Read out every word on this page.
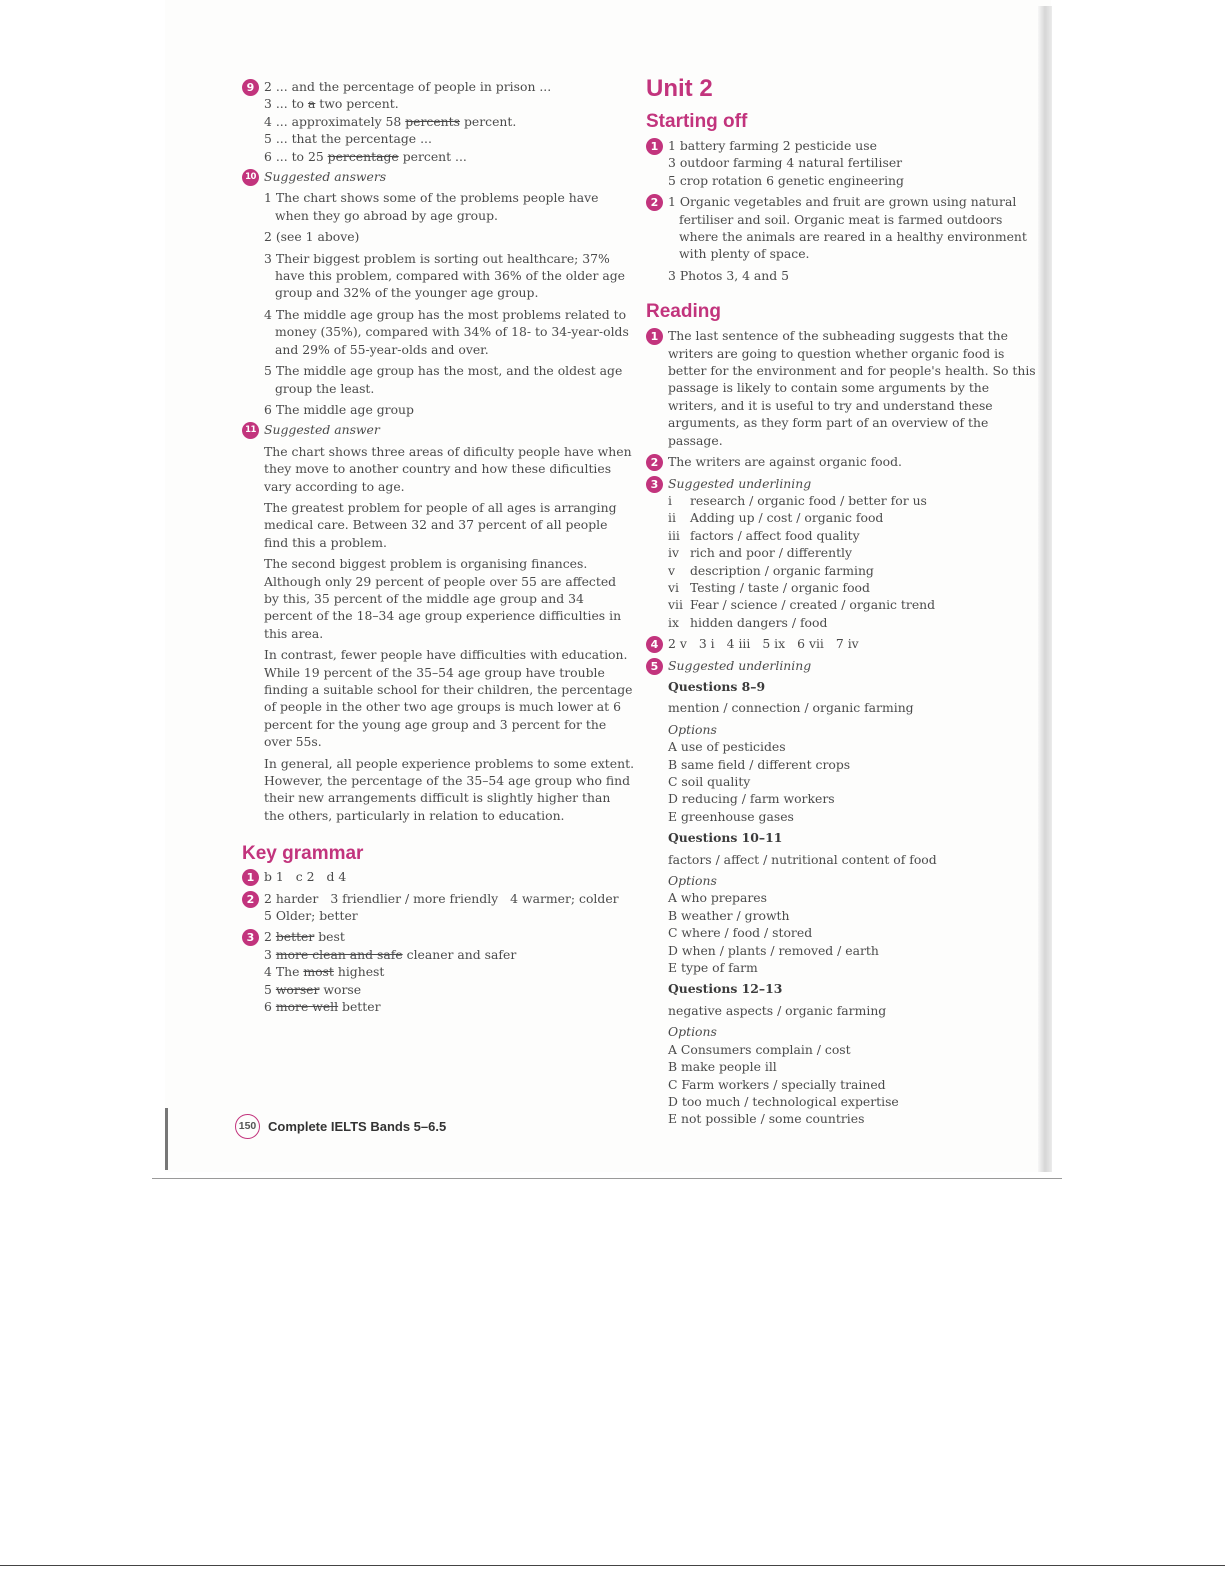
9 2 ... and the percentage of people in prison ...
3 ... to a two percent.
4 ... approximately 58 percents percent.
5 ... that the percentage ...
6 ... to 25 percentage percent ...
10 Suggested answers
1 The chart shows some of the problems people have when they go abroad by age group.
2 (see 1 above)
3 Their biggest problem is sorting out healthcare; 37% have this problem, compared with 36% of the older age group and 32% of the younger age group.
4 The middle age group has the most problems related to money (35%), compared with 34% of 18- to 34-year-olds and 29% of 55-year-olds and over.
5 The middle age group has the most, and the oldest age group the least.
6 The middle age group
11 Suggested answer
The chart shows three areas of dificulty people have when they move to another country and how these dificulties vary according to age.
The greatest problem for people of all ages is arranging medical care. Between 32 and 37 percent of all people find this a problem.
The second biggest problem is organising finances. Although only 29 percent of people over 55 are affected by this, 35 percent of the middle age group and 34 percent of the 18–34 age group experience difficulties in this area.
In contrast, fewer people have difficulties with education. While 19 percent of the 35–54 age group have trouble finding a suitable school for their children, the percentage of people in the other two age groups is much lower at 6 percent for the young age group and 3 percent for the over 55s.
In general, all people experience problems to some extent. However, the percentage of the 35–54 age group who find their new arrangements difficult is slightly higher than the others, particularly in relation to education.
Key grammar
1 b 1 c 2 d 4
2 2 harder 3 friendlier / more friendly 4 warmer; colder
5 Older; better
3 2 better best
3 more clean and safe cleaner and safer
4 The most highest
5 worser worse
6 more well better
Unit 2
Starting off
1 1 battery farming 2 pesticide use
3 outdoor farming 4 natural fertiliser
5 crop rotation 6 genetic engineering
2 1 Organic vegetables and fruit are grown using natural fertiliser and soil. Organic meat is farmed outdoors where the animals are reared in a healthy environment with plenty of space.
3 Photos 3, 4 and 5
Reading
1 The last sentence of the subheading suggests that the writers are going to question whether organic food is better for the environment and for people's health. So this passage is likely to contain some arguments by the writers, and it is useful to try and understand these arguments, as they form part of an overview of the passage.
2 The writers are against organic food.
3 Suggested underlining
i research / organic food / better for us
ii Adding up / cost / organic food
iii factors / affect food quality
iv rich and poor / differently
v description / organic farming
vi Testing / taste / organic food
vii Fear / science / created / organic trend
ix hidden dangers / food
4 2 v 3 i 4 iii 5 ix 6 vii 7 iv
5 Suggested underlining
Questions 8–9
mention / connection / organic farming
Options
A use of pesticides
B same field / different crops
C soil quality
D reducing / farm workers
E greenhouse gases
Questions 10–11
factors / affect / nutritional content of food
Options
A who prepares
B weather / growth
C where / food / stored
D when / plants / removed / earth
E type of farm
Questions 12–13
negative aspects / organic farming
Options
A Consumers complain / cost
B make people ill
C Farm workers / specially trained
D too much / technological expertise
E not possible / some countries
150 Complete IELTS Bands 5–6.5
